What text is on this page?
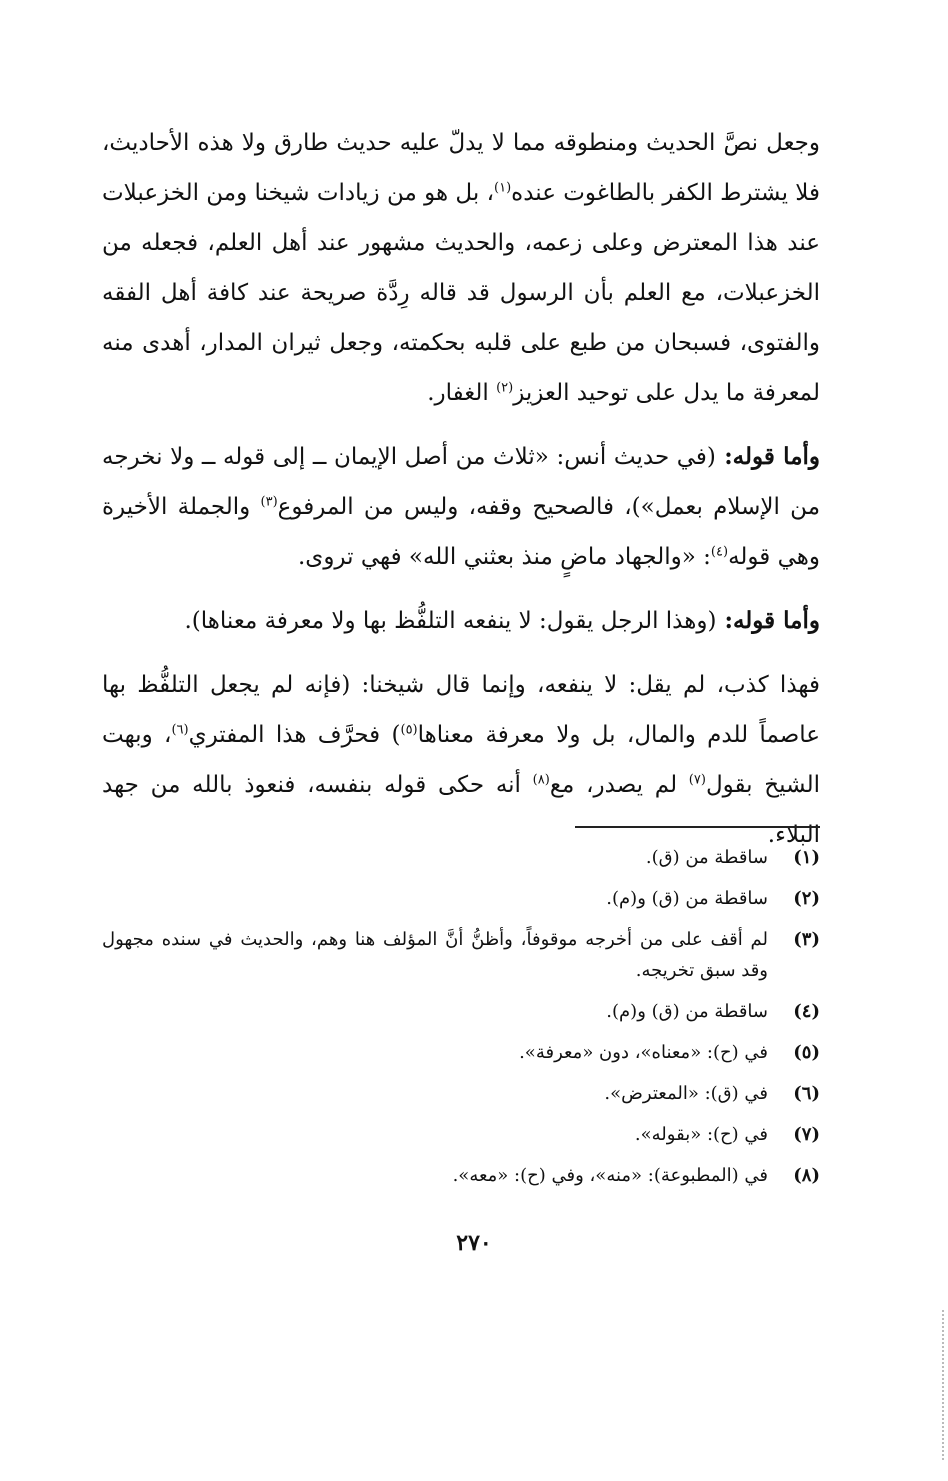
وجعل نصَّ الحديث ومنطوقه مما لا يدلّ عليه حديث طارق ولا هذه الأحاديث، فلا يشترط الكفر بالطاغوت عنده$^{(١)}$، بل هو من زيادات شيخنا ومن الخزعبلات عند هذا المعترض وعلى زعمه، والحديث مشهور عند أهل العلم، فجعله من الخزعبلات، مع العلم بأن الرسول قد قاله رِدَّة صريحة عند كافة أهل الفقه والفتوى، فسبحان من طبع على قلبه بحكمته، وجعل ثيران المدار، أهدى منه لمعرفة ما يدل على توحيد العزيز$^{(٢)}$ الغفار.

وأما قوله: (في حديث أنس: «ثلاث من أصل الإيمان ــ إلى قوله ــ ولا نخرجه من الإسلام بعمل»)، فالصحيح وقفه، وليس من المرفوع$^{(٣)}$ والجملة الأخيرة وهي قوله$^{(٤)}$: «والجهاد ماضٍ منذ بعثني الله» فهي تروى.

وأما قوله: (وهذا الرجل يقول: لا ينفعه التلفُّظ بها ولا معرفة معناها).

فهذا كذب، لم يقل: لا ينفعه، وإنما قال شيخنا: (فإنه لم يجعل التلفُّظ بها عاصماً للدم والمال، بل ولا معرفة معناها$^{(٥)}$) فحرَّف هذا المفتري$^{(٦)}$، وبهت الشيخ بقول$^{(٧)}$ لم يصدر، مع$^{(٨)}$ أنه حكى قوله بنفسه، فنعوذ بالله من جهد البلاء.

(١)
ساقطة من (ق).
(٢)
ساقطة من (ق) و(م).
(٣)
لم أقف على من أخرجه موقوفاً، وأظنُّ أنَّ المؤلف هنا وهم، والحديث في سنده مجهول وقد سبق تخريجه.
(٤)
ساقطة من (ق) و(م).
(٥)
في (ح): «معناه»، دون «معرفة».
(٦)
في (ق): «المعترض».
(٧)
في (ح): «بقوله».
(٨)
في (المطبوعة): «منه»، وفي (ح): «معه».
٢٧٠
